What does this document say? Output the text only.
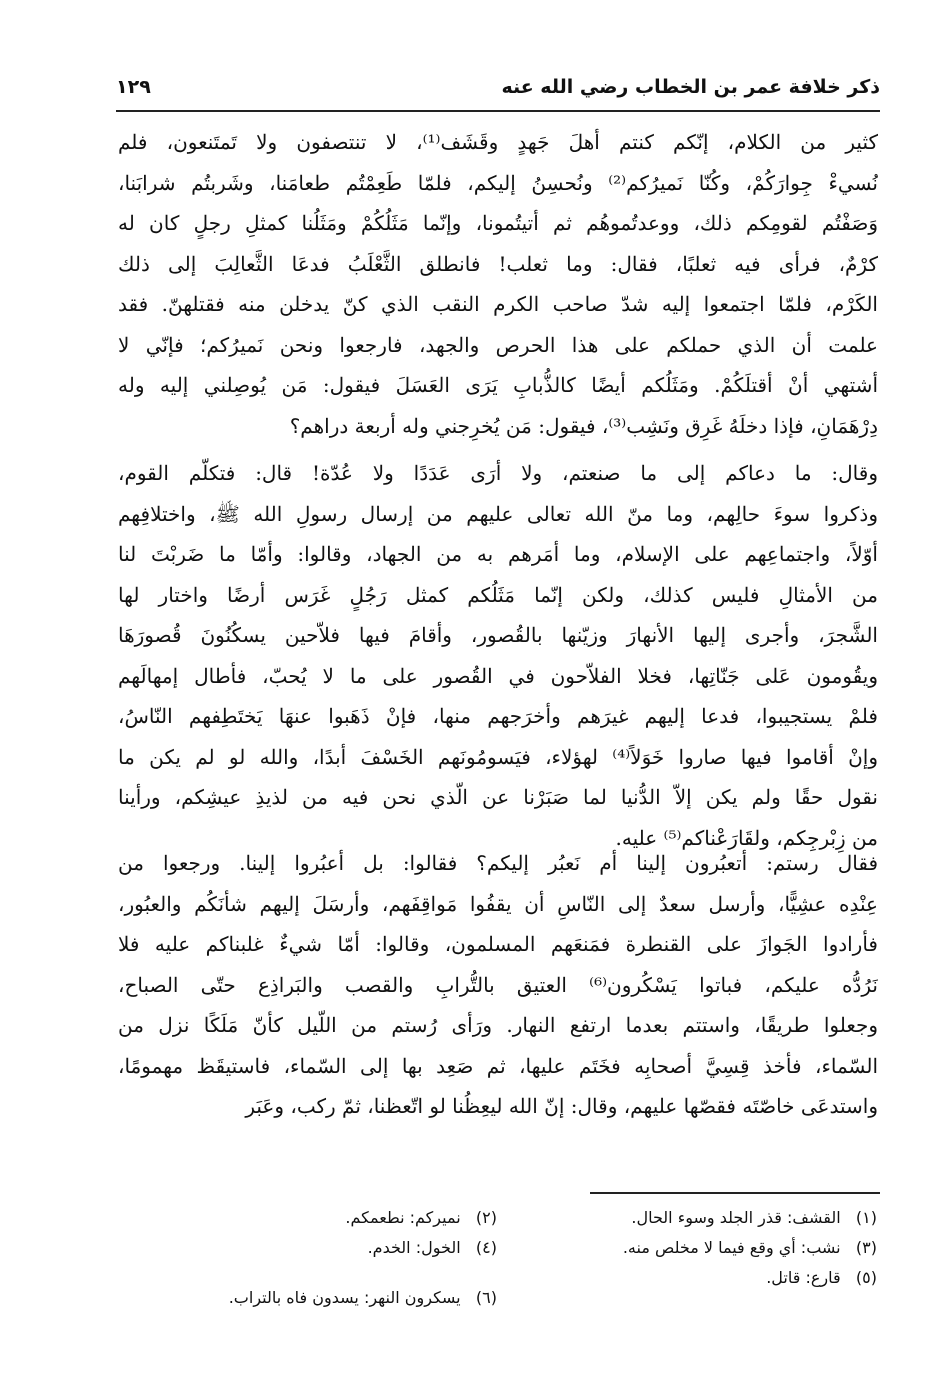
ذكر خلافة عمر بن الخطاب رضي الله عنه
١٢٩
كثير من الكلام، إنّكم كنتم أهلَ جَهدٍ وقَشَف⁽¹⁾، لا تنتصفون ولا تَمتَنعون، فلم
نُسيءْ جِوارَكُمْ، وكُنّا نَميرُكم⁽²⁾ ونُحسِنُ إليكم، فلمّا طَعِمْتُم طعامَنا، وشَربتُم شرابَنا،
وَصَفْتُم لقومِكم ذلك، ووعدتُموهُم ثم أتيتُمونا، وإنّما مَثَلُكُمْ ومَثَلُنا كمثلِ رجلٍ كان له
كرْمٌ، فرأى فيه ثعلبًا، فقال: وما ثعلب! فانطلق الثَّعْلَبُ فدعَا الثَّعالِبَ إلى ذلك
الكَرْم، فلمّا اجتمعوا إليه شدّ صاحب الكرم النقب الذي كنّ يدخلن منه فقتلهنّ. فقد
علمت أن الذي حملكم على هذا الحرص والجهد، فارجعوا ونحن نَميرُكم؛ فإنّي لا
أشتهي أنْ أقتلَكُمْ. ومَثَلُكم أيضًا كالذُّبابِ يَرَى العَسَلَ فيقول: مَن يُوصِلني إليه وله
دِرْهَمَانِ، فإذا دخلَهُ غَرِق ونَشِب⁽³⁾، فيقول: مَن يُخرِجني وله أربعة دراهم؟
وقال: ما دعاكم إلى ما صنعتم، ولا أرَى عَدَدًا ولا عُدّة! قال: فتكلّم القوم،
وذكروا سوءَ حالِهم، وما منّ الله تعالى عليهم من إرسال رسولِ الله ﷺ، واختلافِهم
أوّلاً، واجتماعِهم على الإسلام، وما أمَرهم به من الجهاد، وقالوا: وأمّا ما ضَربْتَ لنا
من الأمثالِ فليس كذلك، ولكن إنّما مَثَلُكم كمثل رَجُلٍ غَرَس أرضًا واختار لها
الشَّجرَ، وأجرى إليها الأنهارَ وزيّنها بالقُصور، وأقامَ فيها فلاّحين يسكُنُونَ قُصورَهَا
ويقُومون عَلى جَنّاتِها، فخلا الفلاّحون في القُصور على ما لا يُحبّ، فأطال إمهالَهم
فلمْ يستجيبوا، فدعا إليهم غيرَهم وأخرَجهم منها، فإنْ ذَهَبوا عنهَا يَختَطِفهم النّاسُ،
وإنْ أقاموا فيها صاروا خَوَلاً⁽⁴⁾ لهؤلاء، فيَسومُونَهم الخَسْفَ أبدًا، والله لو لم يكن ما
نقول حقًا ولم يكن إلاّ الدُّنيا لما صَبَرْنا عن الّذي نحن فيه من لذيذِ عيشِكم، ورأينا
من زِبْرجِكم، ولقَارَعْناكم⁽⁵⁾ عليه.
فقال رستم: أتعبُرون إلينا أم نَعبُر إليكم؟ فقالوا: بل أعبُروا إلينا. ورجعوا من
عِنْدِه عشِيًّا، وأرسل سعدٌ إلى النّاسِ أن يقفُوا مَواقِفَهم، وأرسَلَ إليهم شأنَكُم والعبُور،
فأرادوا الجَوازَ على القنطرة فمَنعَهم المسلمون، وقالوا: أمّا شيءٌ غلبناكم عليه فلا
نَرُدُّه عليكم، فباتوا يَسْكُرون⁽⁶⁾ العتيق بالتُّرابِ والقصب والبَراذِع حتّى الصباح،
وجعلوا طريقًا، واستتم بعدما ارتفع النهار. ورَأى رُستم من اللّيل كأنّ مَلَكًا نزل من
السّماء، فأخذ قِسِيَّ أصحابِه فخَتَم عليها، ثم صَعِد بها إلى السّماء، فاستيقَظ مهمومًا،
واستدعَى خاصّتَه فقصّها عليهم، وقال: إنّ الله ليعِظُنا لو اتّعظنا، ثمّ ركب، وعَبَر
(١)   القشف: قذر الجلد وسوء الحال.
(٢)   نميركم: نطعمكم.
(٣)   نشب: أي وقع فيما لا مخلص منه.
(٤)   الخول: الخدم.
(٥)   قارع: قاتل.
(٦)   يسكرون النهر: يسدون فاه بالتراب.
